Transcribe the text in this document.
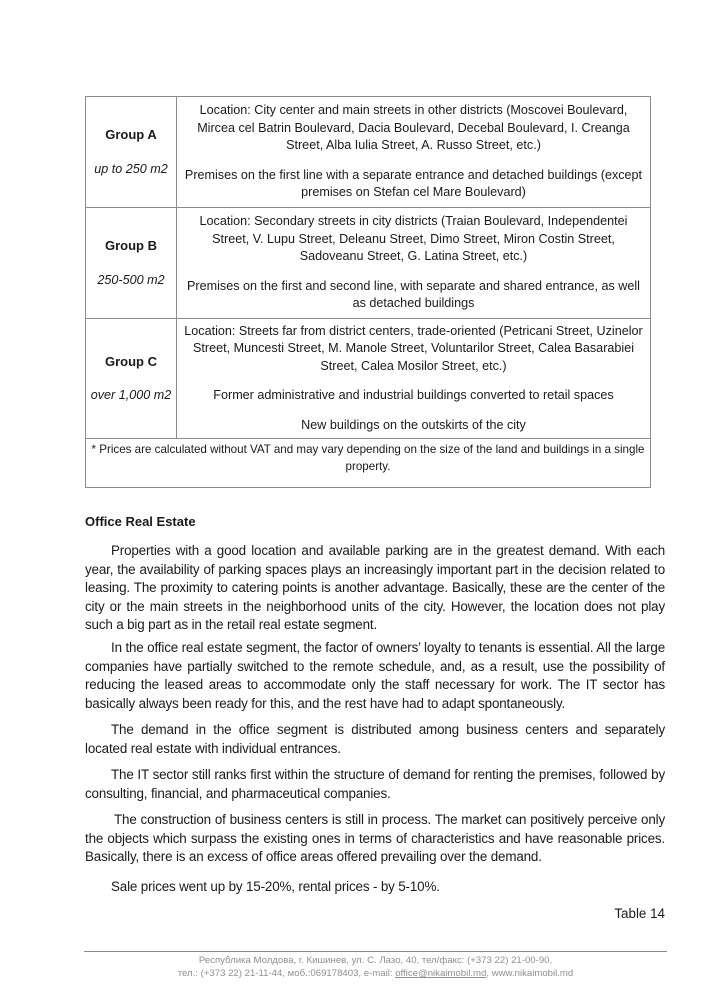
Group A
up to 250 m2

Location: City center and main streets in other districts (Moscovei Boulevard, Mircea cel Batrin Boulevard, Dacia Boulevard, Decebal Boulevard, I. Creanga Street, Alba Iulia Street, A. Russo Street, etc.)

Premises on the first line with a separate entrance and detached buildings (except premises on Stefan cel Mare Boulevard)

Group B
250-500 m2

Location: Secondary streets in city districts (Traian Boulevard, Independentei Street, V. Lupu Street, Deleanu Street, Dimo Street, Miron Costin Street, Sadoveanu Street, G. Latina Street, etc.)

Premises on the first and second line, with separate and shared entrance, as well as detached buildings

Group C
over 1,000 m2

Location: Streets far from district centers, trade-oriented (Petricani Street, Uzinelor Street, Muncesti Street, M. Manole Street, Voluntarilor Street, Calea Basarabiei Street, Calea Mosilor Street, etc.)

Former administrative and industrial buildings converted to retail spaces

New buildings on the outskirts of the city

* Prices are calculated without VAT and may vary depending on the size of the land and buildings in a single property.	
Office Real Estate

Properties with a good location and available parking are in the greatest demand. With each year, the availability of parking spaces plays an increasingly important part in the decision related to leasing. The proximity to catering points is another advantage. Basically, these are the center of the city or the main streets in the neighborhood units of the city. However, the location does not play such a big part as in the retail real estate segment.

In the office real estate segment, the factor of owners’ loyalty to tenants is essential. All the large companies have partially switched to the remote schedule, and, as a result, use the possibility of reducing the leased areas to accommodate only the staff necessary for work. The IT sector has basically always been ready for this, and the rest have had to adapt spontaneously.

The demand in the office segment is distributed among business centers and separately located real estate with individual entrances.

The IT sector still ranks first within the structure of demand for renting the premises, followed by consulting, financial, and pharmaceutical companies.

The construction of business centers is still in process. The market can positively perceive only the objects which surpass the existing ones in terms of characteristics and have reasonable prices. Basically, there is an excess of office areas offered prevailing over the demand.

Sale prices went up by 15-20%, rental prices - by 5-10%.

Table 14
Республика Молдова, г. Кишинев, ул. С. Лазо, 40, тел/факс: (+373 22) 21-00-90,
тел.: (+373 22) 21-11-44, моб.:069178403, e-mail: office@nikaimobil.md, www.nikaimobil.md
